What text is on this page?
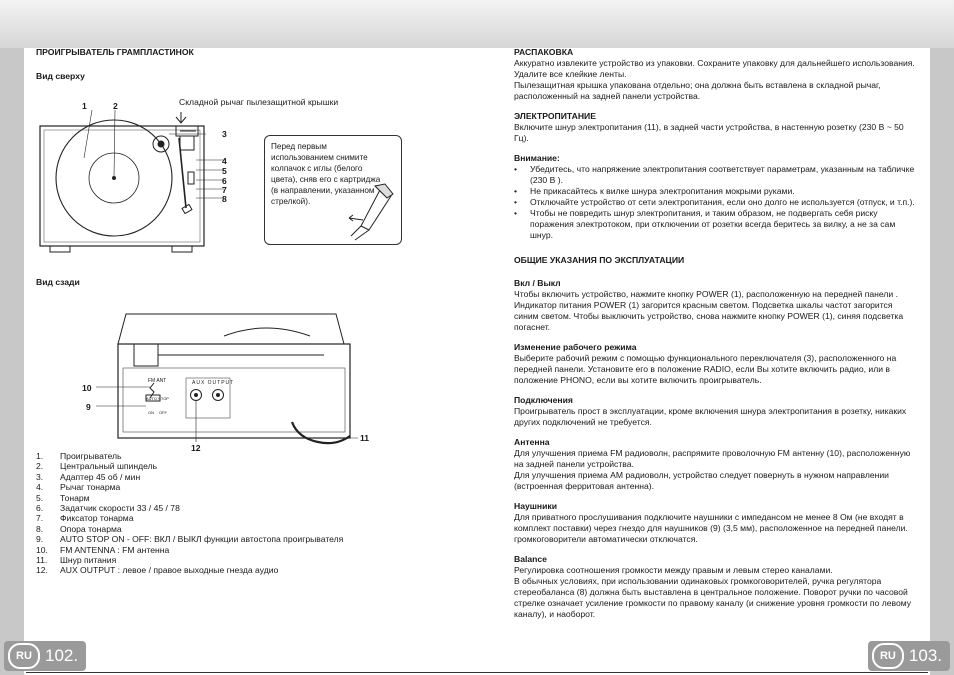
ПРОИГРЫВАТЕЛЬ ГРАМПЛАСТИНОК
Вид сверху
Складной рычаг пылезащитной крышки
1	2
3
4
5
6
7
8
Перед первым использованием снимите колпачок с иглы (белого цвета), сняв его с картриджа (в направлении, указанном стрелкой).
Вид сзади
FM ANT	AUX OUTPUT
AUTO STOP
ON OFF
10
9
12
11
1.	Проигрыватель
2.	Центральный шпиндель
3.	Адаптер 45 об / мин
4.	Рычаг тонарма
5.	Тонарм
6.	Задатчик скорости 33 / 45 / 78
7.	Фиксатор тонарма
8.	Опора тонарма
9.	AUTO STOP ON - OFF: ВКЛ / ВЫКЛ функции автостопа проигрывателя
10.	FM ANTENNA : FM антенна
11.	Шнур питания
12.	AUX OUTPUT : левое / правое выходные гнезда аудио
RU 102.

РАСПАКОВКА

Аккуратно извлеките устройство из упаковки. Сохраните упаковку для дальнейшего использования. Удалите все клейкие ленты.

Пылезащитная крышка упакована отдельно; она должна быть вставлена в складной рычаг, расположенный на задней панели устройства.

ЭЛЕКТРОПИТАНИЕ

Включите шнур электропитания (11), в задней части устройства, в настенную розетку (230 В ~ 50 Гц).

Внимание:

• Убедитесь, что напряжение электропитания соответствует параметрам, указанным на табличке (230 В ).
• Не прикасайтесь к вилке шнура электропитания мокрыми руками.
• Отключайте устройство от сети электропитания, если оно долго не используется (отпуск, и т.п.).
• Чтобы не повредить шнур электропитания, и таким образом, не подвергать себя риску поражения электротоком, при отключении от розетки всегда беритесь за вилку, а не за сам шнур.

ОБЩИЕ УКАЗАНИЯ ПО ЭКСПЛУАТАЦИИ

Вкл / Выкл

Чтобы включить устройство, нажмите кнопку POWER (1), расположенную на передней панели . Индикатор питания POWER (1) загорится красным светом. Подсветка шкалы частот загорится синим светом. Чтобы выключить устройство, снова нажмите кнопку POWER (1), синяя подсветка погаснет.

Изменение рабочего режима

Выберите рабочий режим с помощью функционального переключателя (3), расположенного на передней панели. Установите его в положение RADIO, если Вы хотите включить радио, или в положение PHONO, если вы хотите включить проигрыватель.

Подключения

Проигрыватель прост в эксплуатации, кроме включения шнура электропитания в розетку, никаких других подключений не требуется.

Антенна

Для улучшения приема FM радиоволн, распрямите проволочную FM антенну (10), расположенную на задней панели устройства.

Для улучшения приема AM радиоволн, устройство следует повернуть в нужном направлении (встроенная ферритовая антенна).

Наушники

Для приватного прослушивания подключите наушники с импедансом не менее 8 Ом (не входят в комплект поставки) через гнездо для наушников (9) (3,5 мм), расположенное на передней панели. громкоговорители автоматически отключатся.

Balance

Регулировка соотношения громкости между правым и левым стерео каналами.

В обычных условиях, при использовании одинаковых громкоговорителей, ручка регулятора стереобаланса (8) должна быть выставлена в центральное положение. Поворот ручки по часовой стрелке означает усиление громкости по правому каналу (и снижение уровня громкости по левому каналу), и наоборот.

RU 103.
